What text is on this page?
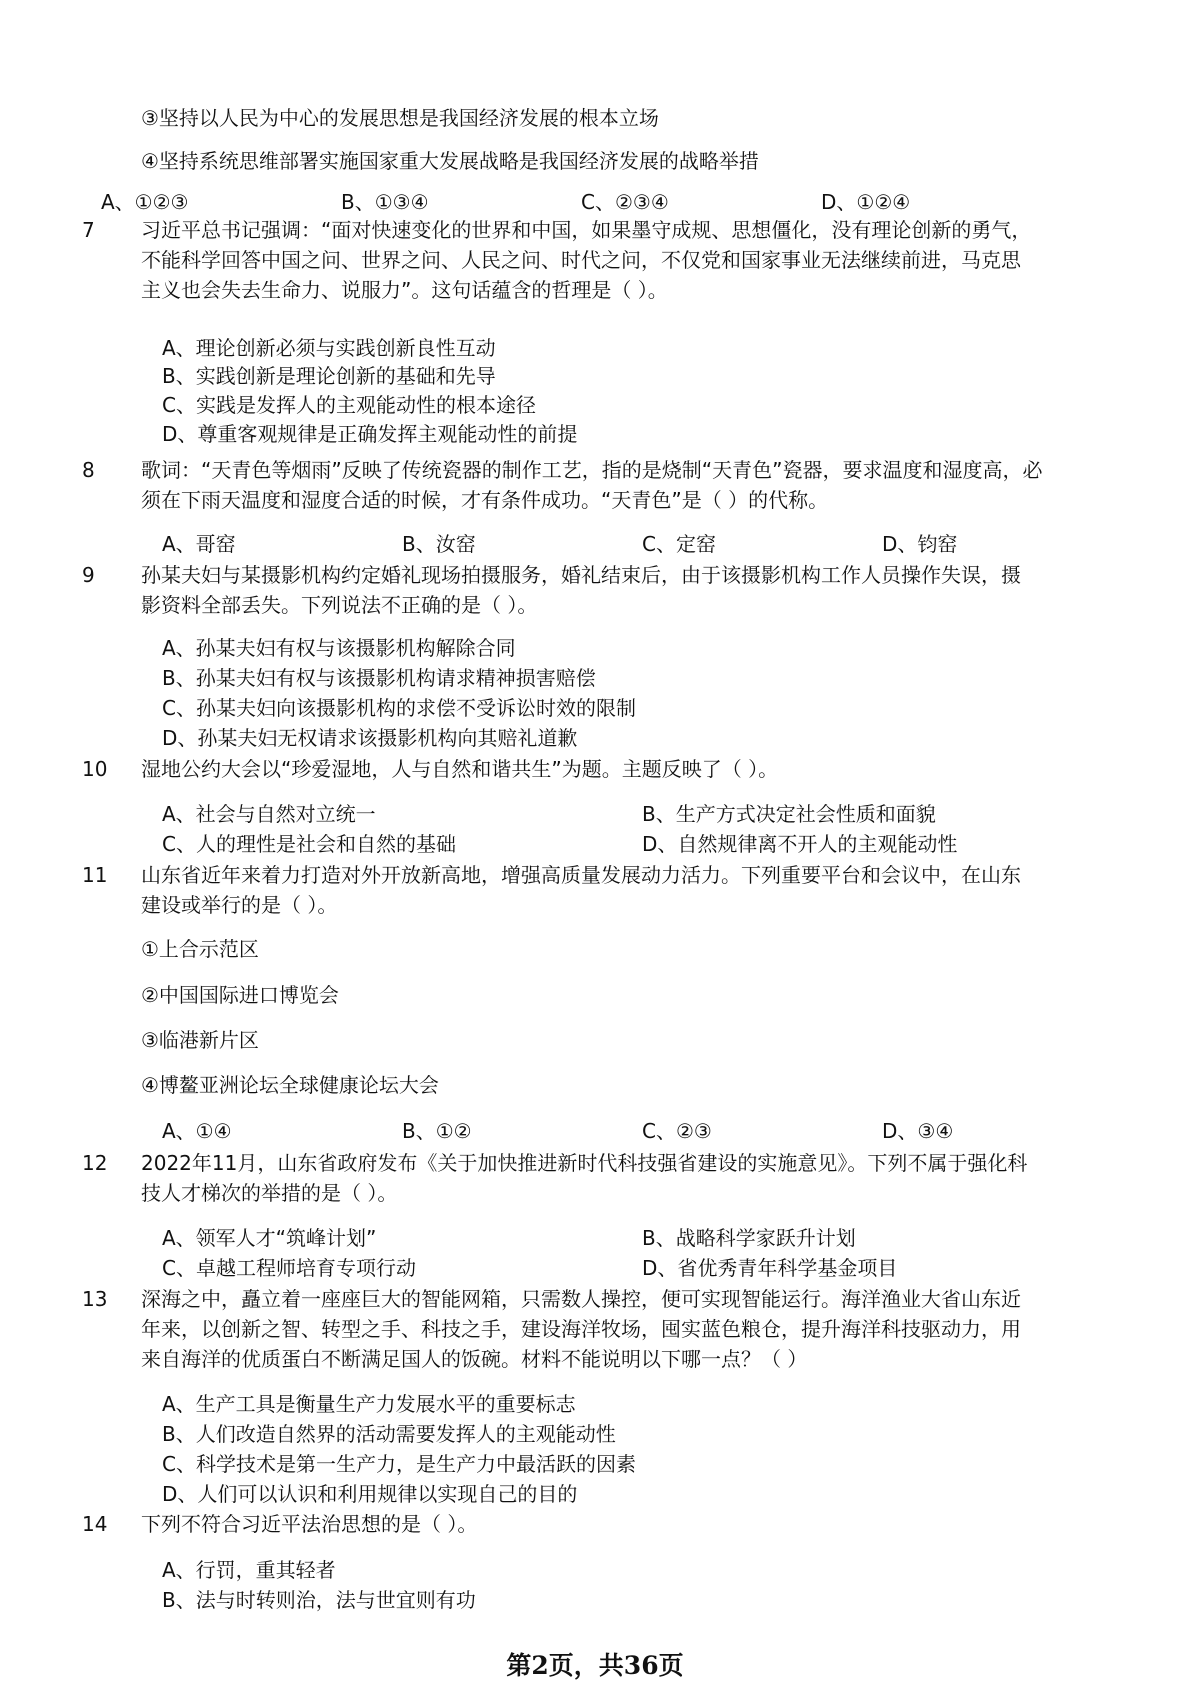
③坚持以人民为中心的发展思想是我国经济发展的根本立场
④坚持系统思维部署实施国家重大发展战略是我国经济发展的战略举措
A、①②③	B、①③④	C、②③④	D、①②④
7 习近平总书记强调：“面对快速变化的世界和中国，如果墨守成规、思想僵化，没有理论创新的勇气，

不能科学回答中国之问、世界之问、人民之问、时代之问，不仅党和国家事业无法继续前进，马克思

主义也会失去生命力、说服力”。这句话蕴含的哲理是（ ）。

A、理论创新必须与实践创新良性互动
B、实践创新是理论创新的基础和先导
C、实践是发挥人的主观能动性的根本途径
D、尊重客观规律是正确发挥主观能动性的前提
8 歌词：“天青色等烟雨”反映了传统瓷器的制作工艺，指的是烧制“天青色”瓷器，要求温度和湿度高，必

须在下雨天温度和湿度合适的时候，才有条件成功。“天青色”是（ ）的代称。

A、哥窑	B、汝窑	C、定窑	D、钧窑
9 孙某夫妇与某摄影机构约定婚礼现场拍摄服务，婚礼结束后，由于该摄影机构工作人员操作失误，摄

影资料全部丢失。下列说法不正确的是（ ）。

A、孙某夫妇有权与该摄影机构解除合同
B、孙某夫妇有权与该摄影机构请求精神损害赔偿
C、孙某夫妇向该摄影机构的求偿不受诉讼时效的限制
D、孙某夫妇无权请求该摄影机构向其赔礼道歉
10 湿地公约大会以“珍爱湿地，人与自然和谐共生”为题。主题反映了（ ）。

A、社会与自然对立统一	B、生产方式决定社会性质和面貌
C、人的理性是社会和自然的基础	D、自然规律离不开人的主观能动性
11 山东省近年来着力打造对外开放新高地，增强高质量发展动力活力。下列重要平台和会议中，在山东

建设或举行的是（ ）。

①上合示范区
②中国国际进口博览会
③临港新片区
④博鳌亚洲论坛全球健康论坛大会
A、①④	B、①②	C、②③	D、③④
12 2022年11月，山东省政府发布《关于加快推进新时代科技强省建设的实施意见》。下列不属于强化科

技人才梯次的举措的是（ ）。

A、领军人才“筑峰计划”	B、战略科学家跃升计划
C、卓越工程师培育专项行动	D、省优秀青年科学基金项目
13 深海之中，矗立着一座座巨大的智能网箱，只需数人操控，便可实现智能运行。海洋渔业大省山东近

年来，以创新之智、转型之手、科技之手，建设海洋牧场，囤实蓝色粮仓，提升海洋科技驱动力，用

来自海洋的优质蛋白不断满足国人的饭碗。材料不能说明以下哪一点？（ ）

A、生产工具是衡量生产力发展水平的重要标志
B、人们改造自然界的活动需要发挥人的主观能动性
C、科学技术是第一生产力，是生产力中最活跃的因素
D、人们可以认识和利用规律以实现自己的目的
14 下列不符合习近平法治思想的是（ ）。

A、行罚，重其轻者
B、法与时转则治，法与世宜则有功
第2页，共36页
